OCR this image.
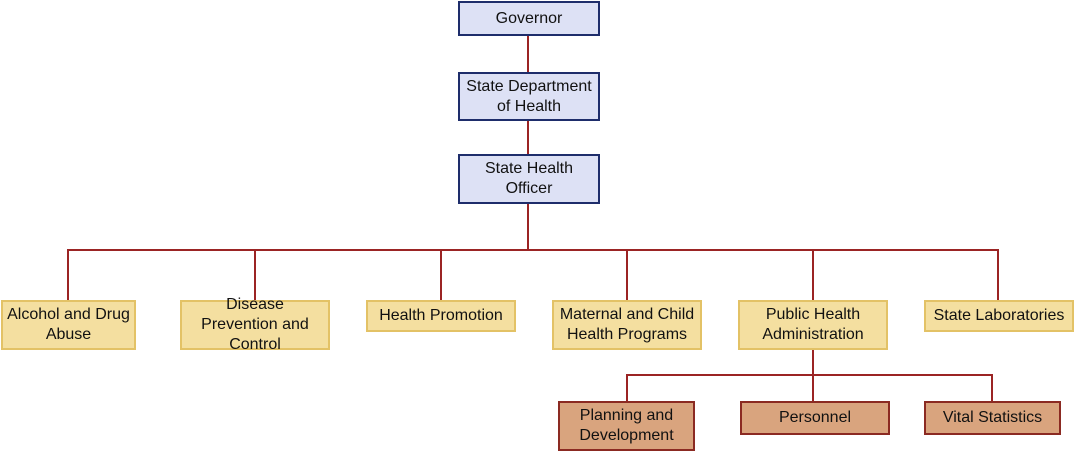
Governor
State Department of Health
State Health Officer
Alcohol and Drug Abuse
Disease Prevention and Control
Health Promotion	Maternal and Child Health Programs
Public Health Administration
State Laboratories
Planning and Development
Personnel	Vital Statistics
